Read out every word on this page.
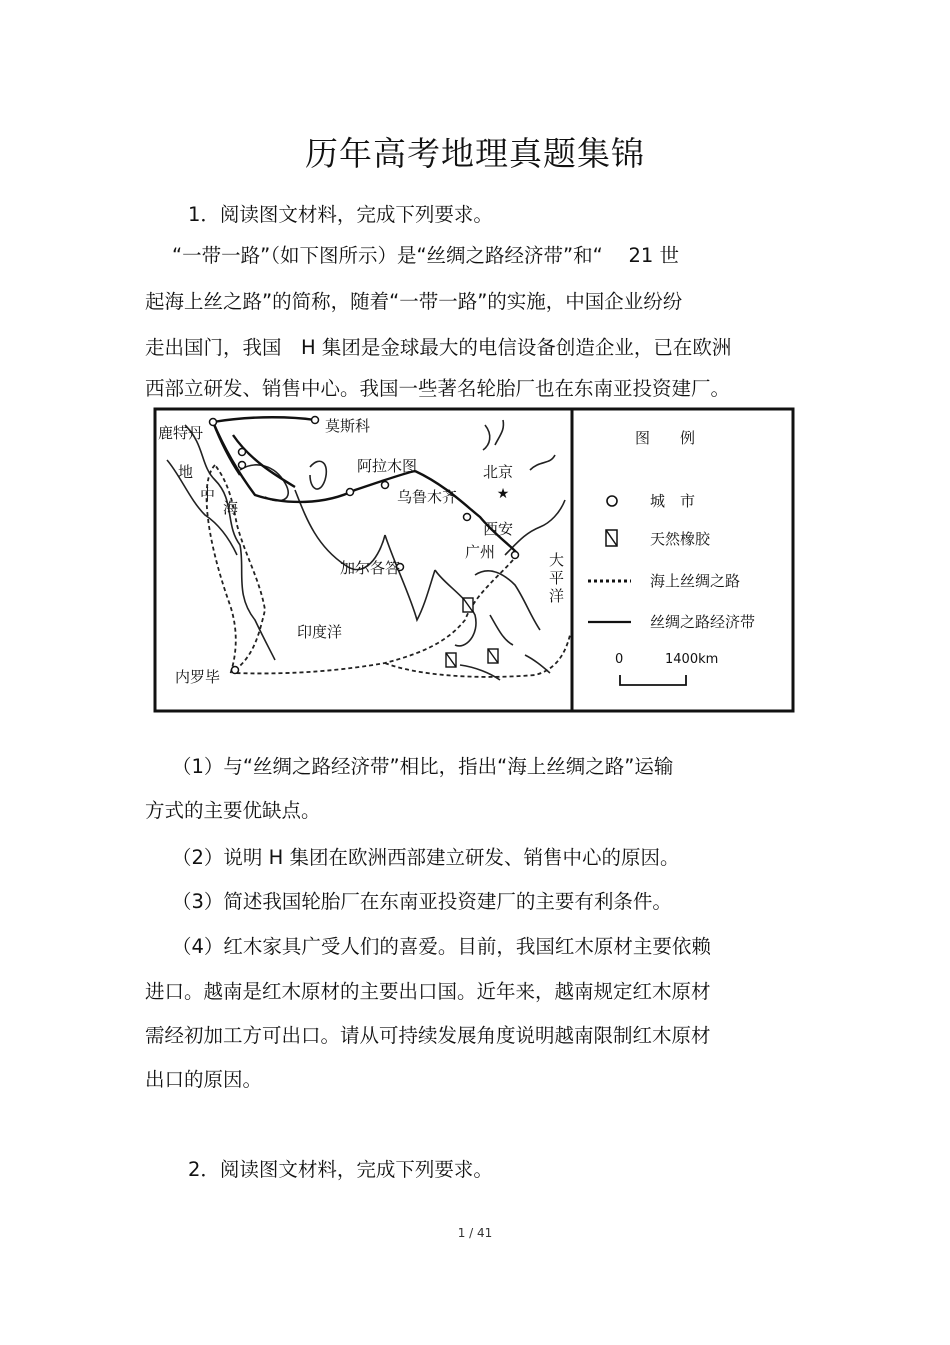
历年高考地理真题集锦
1．阅读图文材料，完成下列要求。
“一带一路”（如下图所示）是“丝绸之路经济带”和“　 21 世
起海上丝之路”的简称，随着“一带一路”的实施，中国企业纷纷
走出国门，我国　H 集团是金球最大的电信设备创造企业，已在欧洲
西部立研发、销售中心。我国一些著名轮胎厂也在东南亚投资建厂。
★
鹿特丹	莫斯科
阿拉木图	北京
乌鲁木齐
西安
广州
加尔各答
内罗毕
印度洋
大
平
洋
地
中
海
图　　例
城　市
天然橡胶
海上丝绸之路
丝绸之路经济带
0	1400km
（1）与“丝绸之路经济带”相比，指出“海上丝绸之路”运输
方式的主要优缺点。
（2）说明 H 集团在欧洲西部建立研发、销售中心的原因。
（3）简述我国轮胎厂在东南亚投资建厂的主要有利条件。
（4）红木家具广受人们的喜爱。目前，我国红木原材主要依赖
进口。越南是红木原材的主要出口国。近年来，越南规定红木原材
需经初加工方可出口。请从可持续发展角度说明越南限制红木原材
出口的原因。
2．阅读图文材料，完成下列要求。
1 / 41
